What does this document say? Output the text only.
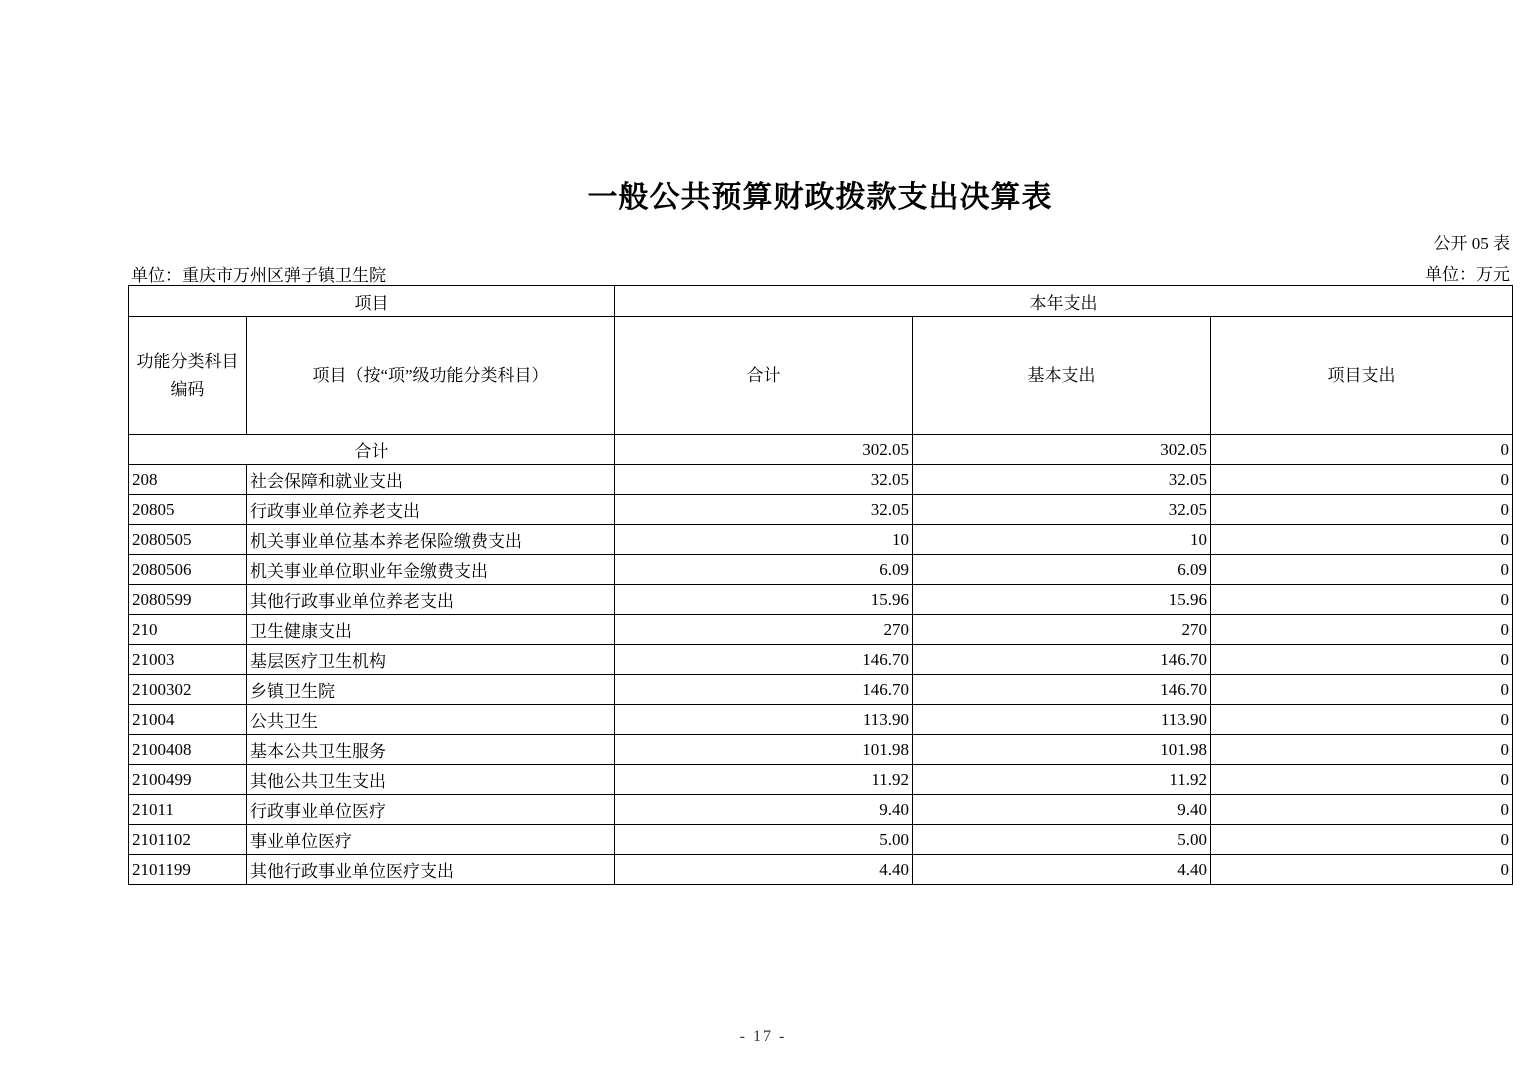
一般公共预算财政拨款支出决算表
公开 05 表
单位：重庆市万州区弹子镇卫生院	单位：万元
项目		本年支出		
功能分类科目编码	项目（按“项”级功能分类科目）	合计	基本支出	项目支出
合计		302.05	302.05	0
208	社会保障和就业支出	32.05	32.05	0
20805	行政事业单位养老支出	32.05	32.05	0
2080505	机关事业单位基本养老保险缴费支出	10	10	0
2080506	机关事业单位职业年金缴费支出	6.09	6.09	0
2080599	其他行政事业单位养老支出	15.96	15.96	0
210	卫生健康支出	270	270	0
21003	基层医疗卫生机构	146.70	146.70	0
2100302	乡镇卫生院	146.70	146.70	0
21004	公共卫生	113.90	113.90	0
2100408	基本公共卫生服务	101.98	101.98	0
2100499	其他公共卫生支出	11.92	11.92	0
21011	行政事业单位医疗	9.40	9.40	0
2101102	事业单位医疗	5.00	5.00	0
2101199	其他行政事业单位医疗支出	4.40	4.40	0
- 17 -
